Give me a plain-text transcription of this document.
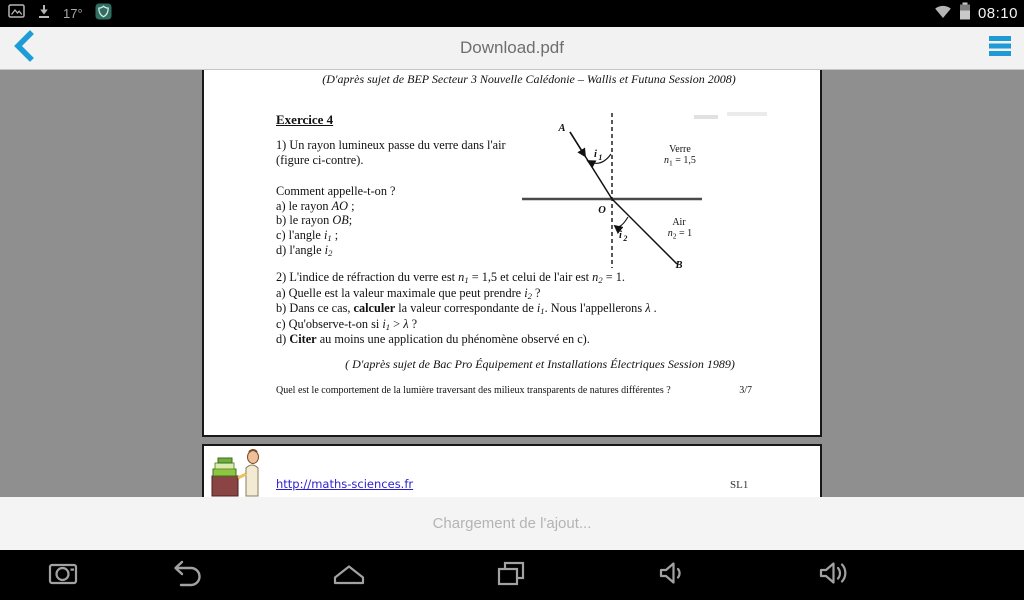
17°	08:10
Download.pdf
(D'après sujet de BEP Secteur 3 Nouvelle Calédonie – Wallis et Futuna Session 2008)
Exercice 4
1) Un rayon lumineux passe du verre dans l'air
(figure ci-contre).
Comment appelle-t-on ?
a) le rayon AO ;
b) le rayon OB;
c) l'angle i1 ;
d) l'angle i2
2) L'indice de réfraction du verre est n1 = 1,5 et celui de l'air est n2 = 1.
a) Quelle est la valeur maximale que peut prendre i2 ?
b) Dans ce cas, calculer la valeur correspondante de i1. Nous l'appellerons λ .
c) Qu'observe-t-on si i1 > λ ?
d) Citer au moins une application du phénomène observé en c).
( D'après sujet de Bac Pro Équipement et Installations Électriques Session 1989)
Quel est le comportement de la lumière traversant des milieux transparents de natures différentes ?	3/7
A
B
O
i $_1$
i $_2$
Verre
$n_1 = 1,5$
Air
$n_2 = 1$
http://maths-sciences.fr	SL1
Chargement de l'ajout...
